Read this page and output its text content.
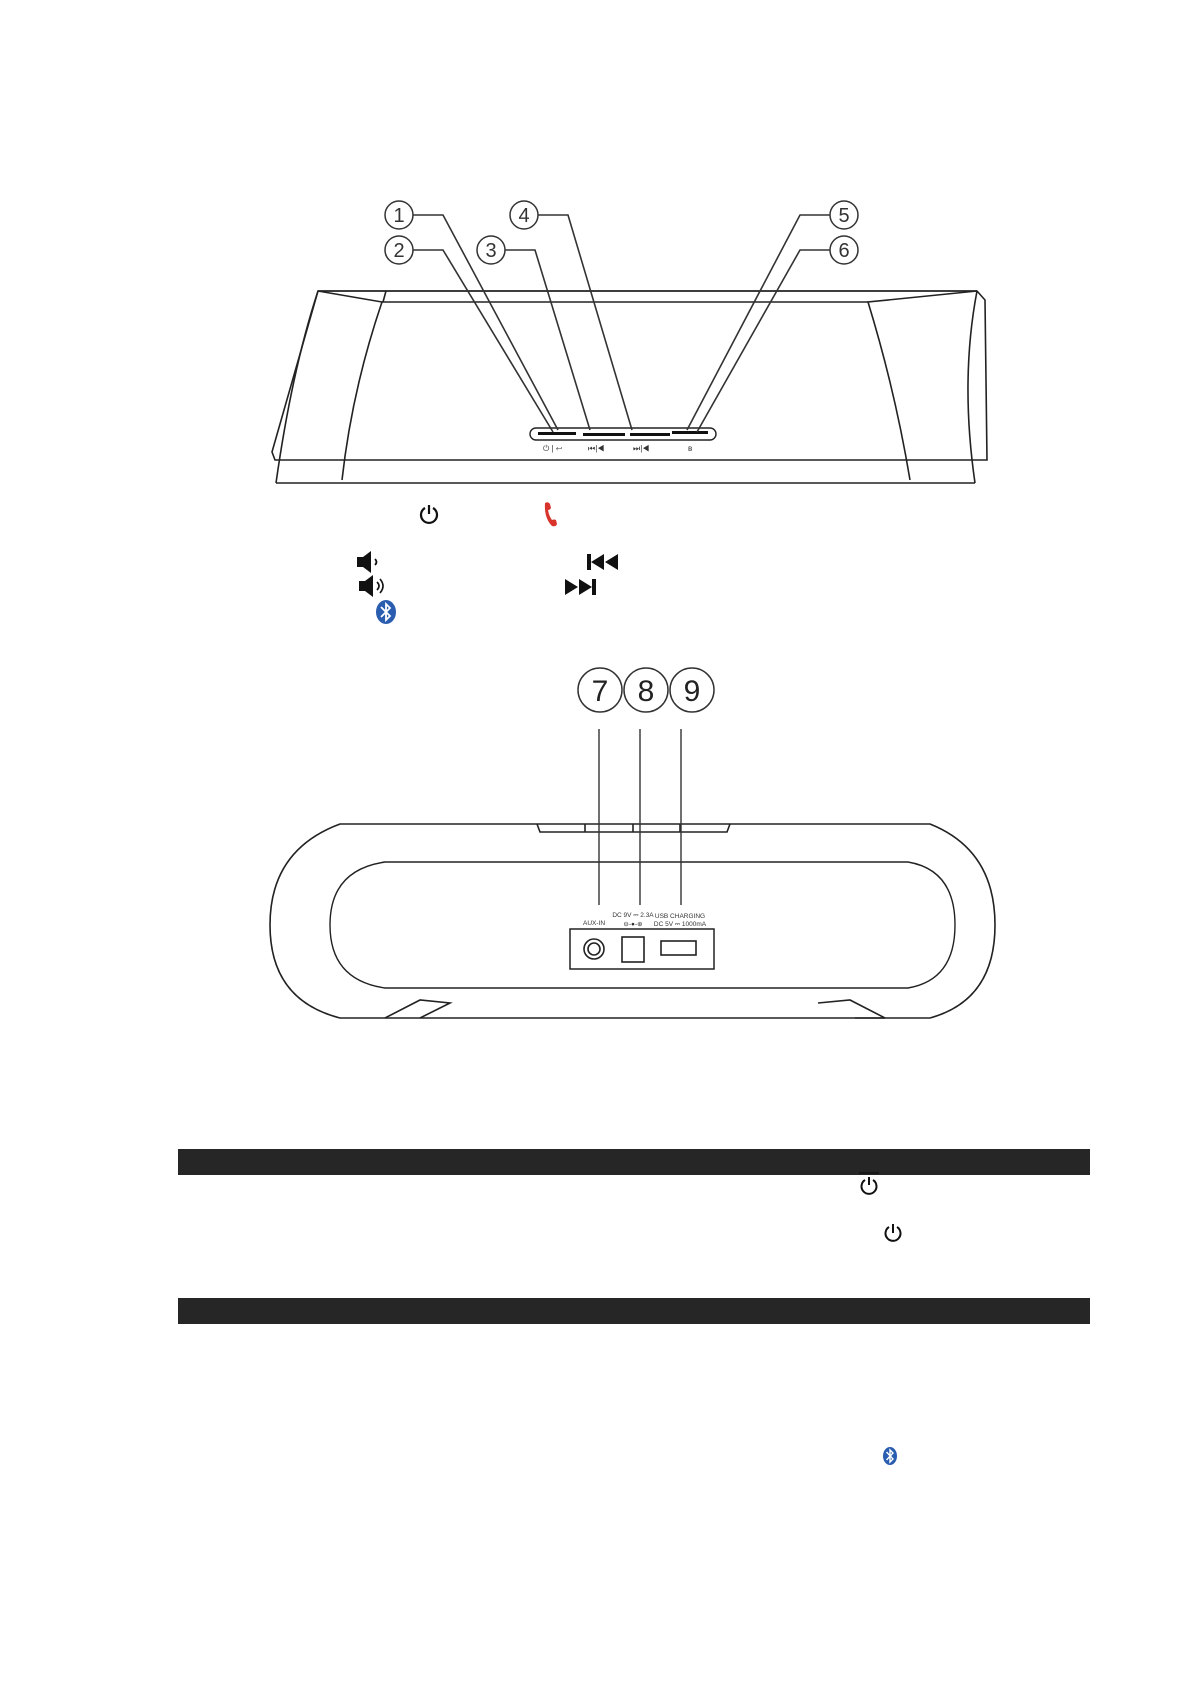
⏻ | ↩	⏮|◀	⏭|◀	ʙ
1
2	3
4	5
6
7 8 9
AUX-IN
DC 9V ⎓ 2.3A
⊖-●-⊕
USB CHARGING
DC 5V ⎓ 1000mA
